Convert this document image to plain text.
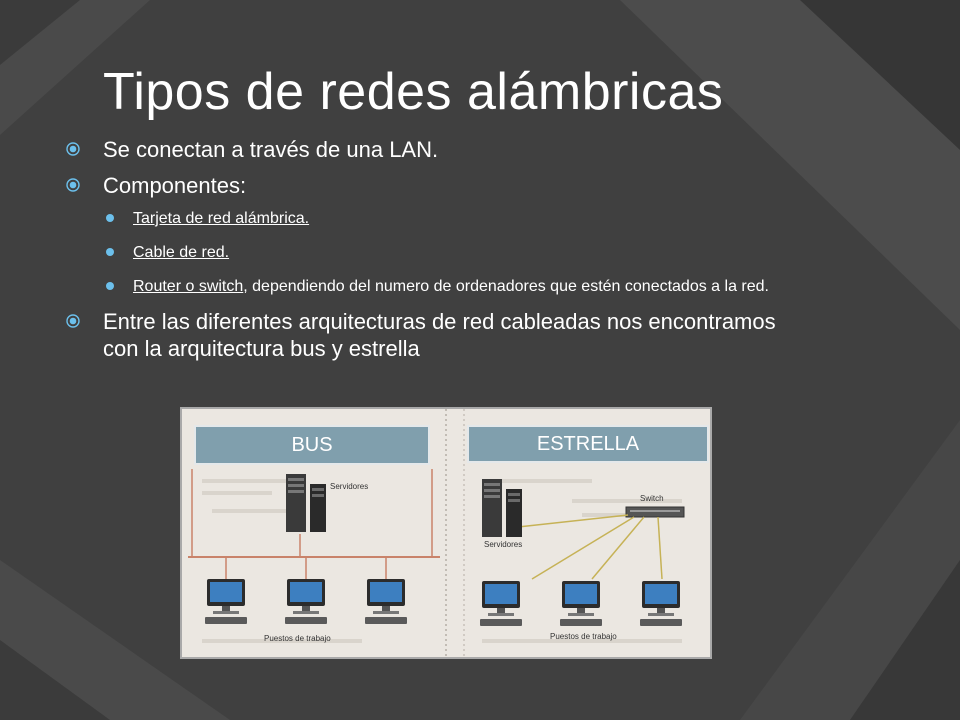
Tipos de redes alámbricas
Se conectan a través de una LAN.
Componentes:
Tarjeta de red alámbrica.
Cable de red.
Router o switch, dependiendo del numero de ordenadores que estén conectados a la red.
Entre las diferentes arquitecturas de red cableadas nos encontramos con la arquitectura bus y estrella
Servidores
Puestos de trabajo
Switch
Servidores
Puestos de trabajo
BUS	ESTRELLA
